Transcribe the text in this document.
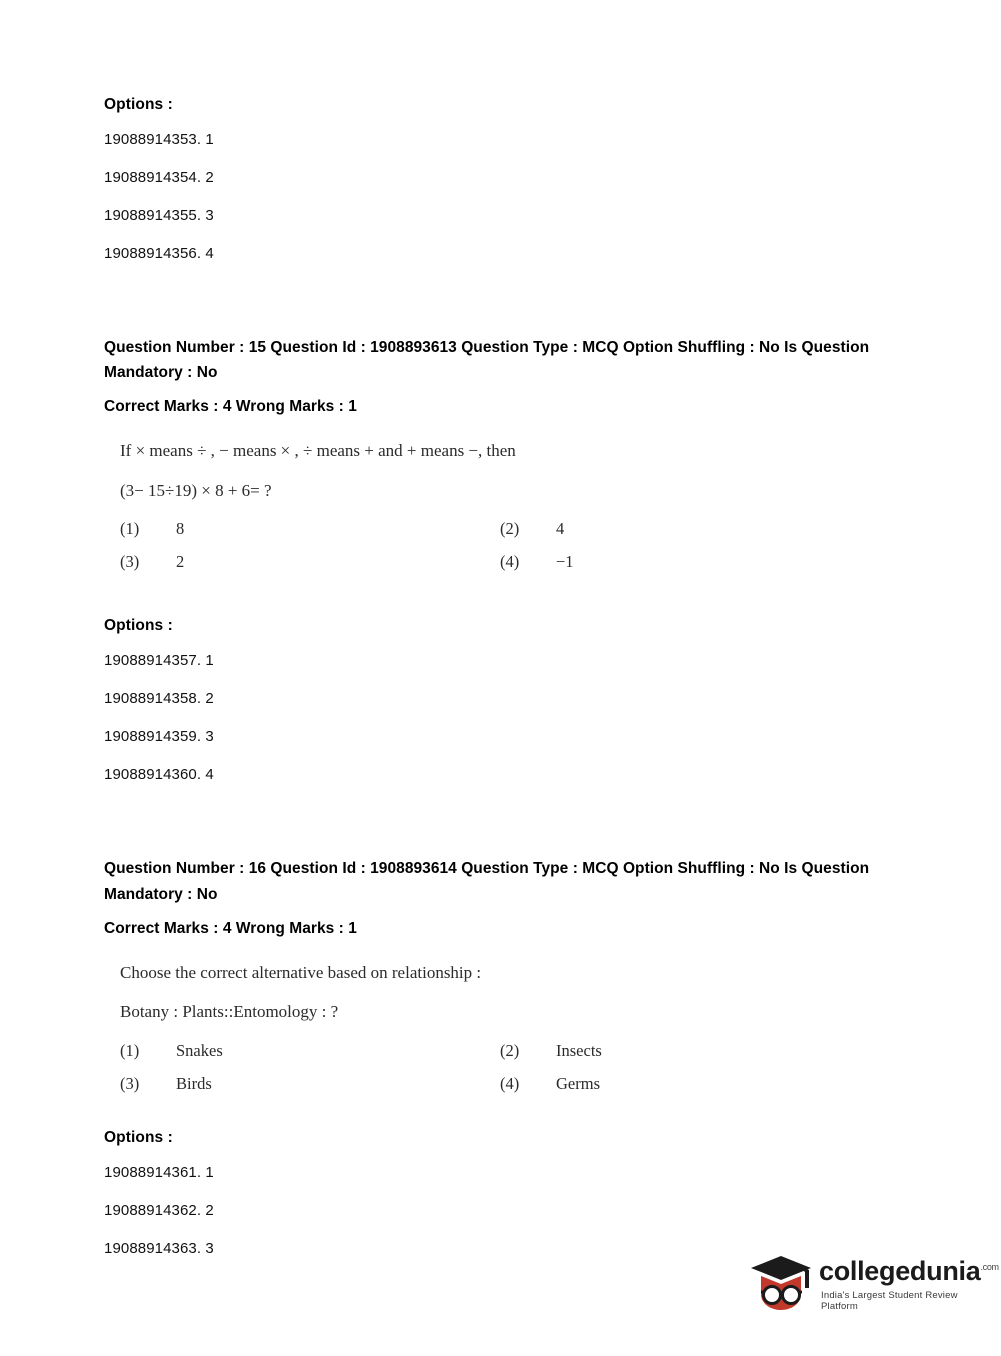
Options :
19088914353. 1
19088914354. 2
19088914355. 3
19088914356. 4
Question Number : 15 Question Id : 1908893613 Question Type : MCQ Option Shuffling : No Is Question Mandatory : No
Correct Marks : 4 Wrong Marks : 1
If × means ÷ , − means × , ÷ means + and + means −, then
(3− 15÷19) × 8 + 6= ?
(1)	8	(2)	4
(3)	2	(4)	−1
Options :
19088914357. 1
19088914358. 2
19088914359. 3
19088914360. 4
Question Number : 16 Question Id : 1908893614 Question Type : MCQ Option Shuffling : No Is Question Mandatory : No
Correct Marks : 4 Wrong Marks : 1
Choose the correct alternative based on relationship :
Botany : Plants::Entomology : ?
(1)	Snakes	(2)	Insects
(3)	Birds	(4)	Germs
Options :
19088914361. 1
19088914362. 2
19088914363. 3
collegedunia$^{.com}$
India's Largest Student Review Platform
